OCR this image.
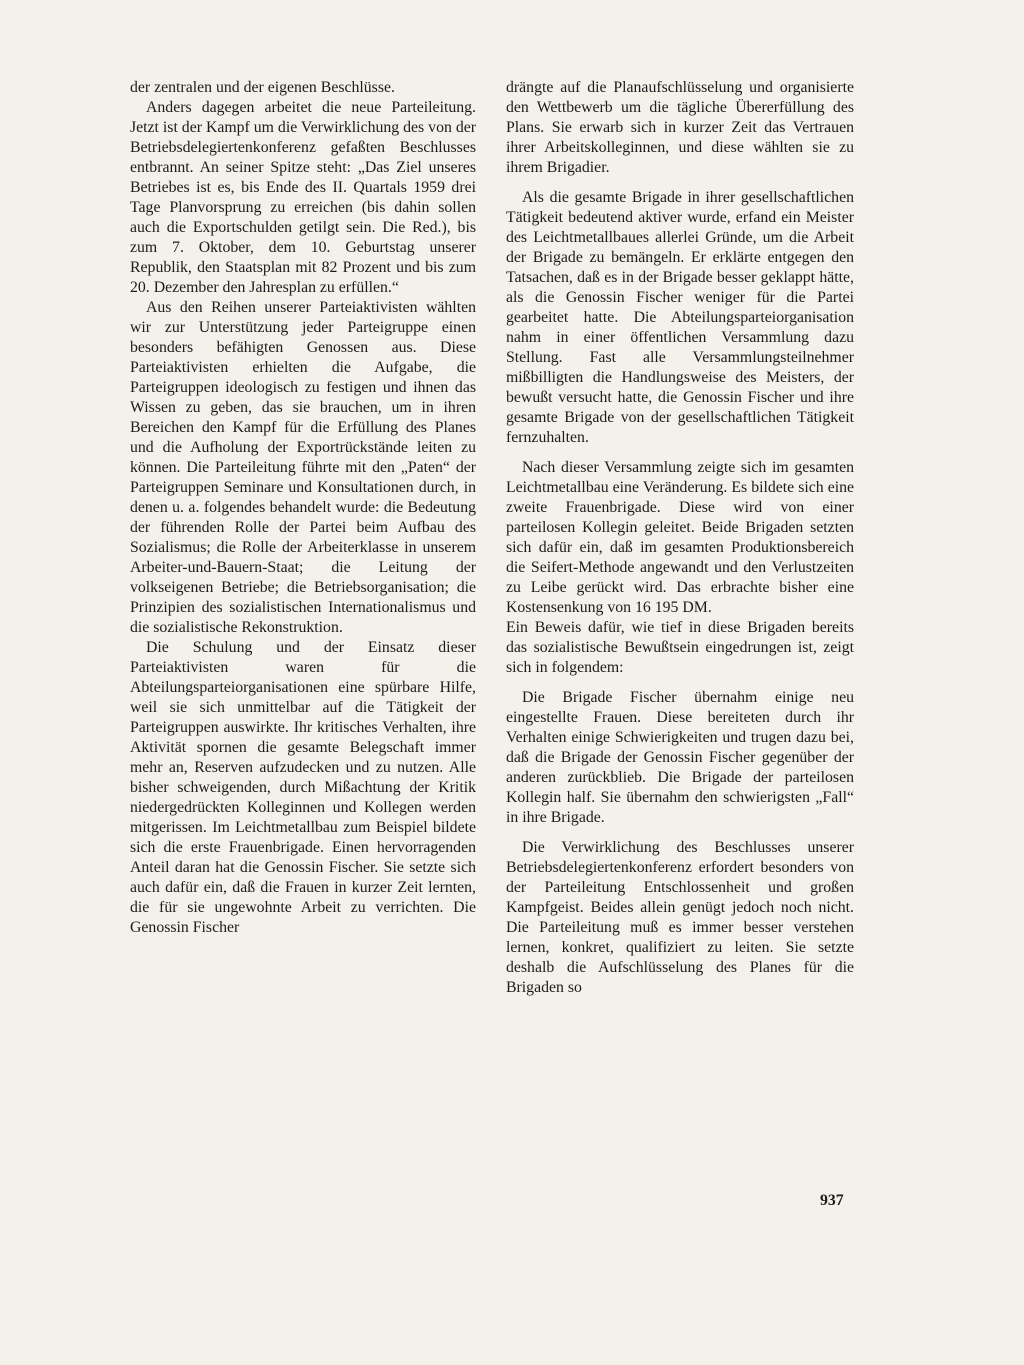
der zentralen und der eigenen Beschlüsse.

Anders dagegen arbeitet die neue Parteileitung. Jetzt ist der Kampf um die Verwirklichung des von der Betriebsdelegiertenkonferenz gefaßten Beschlusses entbrannt. An seiner Spitze steht: „Das Ziel unseres Betriebes ist es, bis Ende des II. Quartals 1959 drei Tage Planvorsprung zu erreichen (bis dahin sollen auch die Exportschulden getilgt sein. Die Red.), bis zum 7. Oktober, dem 10. Geburtstag unserer Republik, den Staatsplan mit 82 Prozent und bis zum 20. Dezember den Jahresplan zu erfüllen.“

Aus den Reihen unserer Parteiaktivisten wählten wir zur Unterstützung jeder Parteigruppe einen besonders befähigten Genossen aus. Diese Parteiaktivisten erhielten die Aufgabe, die Parteigruppen ideologisch zu festigen und ihnen das Wissen zu geben, das sie brauchen, um in ihren Bereichen den Kampf für die Erfüllung des Planes und die Aufholung der Exportrückstände leiten zu können. Die Parteileitung führte mit den „Paten“ der Parteigruppen Seminare und Konsultationen durch, in denen u. a. folgendes behandelt wurde: die Bedeutung der führenden Rolle der Partei beim Aufbau des Sozialismus; die Rolle der Arbeiterklasse in unserem Arbeiter-und-Bauern-Staat; die Leitung der volkseigenen Betriebe; die Betriebsorganisation; die Prinzipien des sozialistischen Internationalismus und die sozialistische Rekonstruktion.

Die Schulung und der Einsatz dieser Parteiaktivisten waren für die Abteilungsparteiorganisationen eine spürbare Hilfe, weil sie sich unmittelbar auf die Tätigkeit der Parteigruppen auswirkte. Ihr kritisches Verhalten, ihre Aktivität spornen die gesamte Belegschaft immer mehr an, Reserven aufzudecken und zu nutzen. Alle bisher schweigenden, durch Mißachtung der Kritik niedergedrückten Kolleginnen und Kollegen werden mitgerissen. Im Leichtmetallbau zum Beispiel bildete sich die erste Frauenbrigade. Einen hervorragenden Anteil daran hat die Genossin Fischer. Sie setzte sich auch dafür ein, daß die Frauen in kurzer Zeit lernten, die für sie ungewohnte Arbeit zu verrichten. Die Genossin Fischer

drängte auf die Planaufschlüsselung und organisierte den Wettbewerb um die tägliche Übererfüllung des Plans. Sie erwarb sich in kurzer Zeit das Vertrauen ihrer Arbeitskolleginnen, und diese wählten sie zu ihrem Brigadier.

Als die gesamte Brigade in ihrer gesellschaftlichen Tätigkeit bedeutend aktiver wurde, erfand ein Meister des Leichtmetallbaues allerlei Gründe, um die Arbeit der Brigade zu bemängeln. Er erklärte entgegen den Tatsachen, daß es in der Brigade besser geklappt hätte, als die Genossin Fischer weniger für die Partei gearbeitet hatte. Die Abteilungsparteiorganisation nahm in einer öffentlichen Versammlung dazu Stellung. Fast alle Versammlungsteilnehmer mißbilligten die Handlungsweise des Meisters, der bewußt versucht hatte, die Genossin Fischer und ihre gesamte Brigade von der gesellschaftlichen Tätigkeit fernzuhalten.

Nach dieser Versammlung zeigte sich im gesamten Leichtmetallbau eine Veränderung. Es bildete sich eine zweite Frauenbrigade. Diese wird von einer parteilosen Kollegin geleitet. Beide Brigaden setzten sich dafür ein, daß im gesamten Produktionsbereich die Seifert-Methode angewandt und den Verlustzeiten zu Leibe gerückt wird. Das erbrachte bisher eine Kostensenkung von 16 195 DM.

Ein Beweis dafür, wie tief in diese Brigaden bereits das sozialistische Bewußtsein eingedrungen ist, zeigt sich in folgendem:

Die Brigade Fischer übernahm einige neu eingestellte Frauen. Diese bereiteten durch ihr Verhalten einige Schwierigkeiten und trugen dazu bei, daß die Brigade der Genossin Fischer gegenüber der anderen zurückblieb. Die Brigade der parteilosen Kollegin half. Sie übernahm den schwierigsten „Fall“ in ihre Brigade.

Die Verwirklichung des Beschlusses unserer Betriebsdelegiertenkonferenz erfordert besonders von der Parteileitung Entschlossenheit und großen Kampfgeist. Beides allein genügt jedoch noch nicht. Die Parteileitung muß es immer besser verstehen lernen, konkret, qualifiziert zu leiten. Sie setzte deshalb die Aufschlüsselung des Planes für die Brigaden so

937
